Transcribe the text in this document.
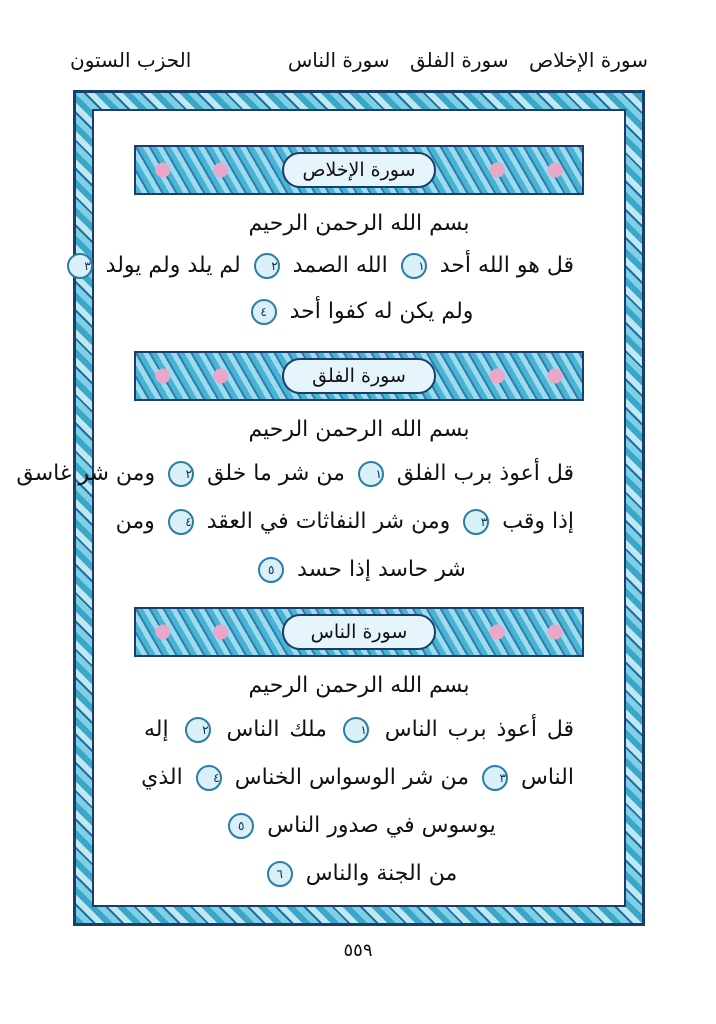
سورة الإخلاص سورة الفلق سورة الناس
الحزب الستون
سورة الإخلاص
بسم الله الرحمن الرحيم
قل هو الله أحد ١ الله الصمد ٢ لم يلد ولم يولد ٣
ولم يكن له كفوا أحد ٤
سورة الفلق
بسم الله الرحمن الرحيم
قل أعوذ برب الفلق ١ من شر ما خلق ٢ ومن شر غاسق
إذا وقب ٣ ومن شر النفاثات في العقد ٤ ومن
شر حاسد إذا حسد ٥
سورة الناس
بسم الله الرحمن الرحيم
قل أعوذ برب الناس ١ ملك الناس ٢ إله
الناس ٣ من شر الوسواس الخناس ٤ الذي
يوسوس في صدور الناس ٥
من الجنة والناس ٦
٥٥٩
